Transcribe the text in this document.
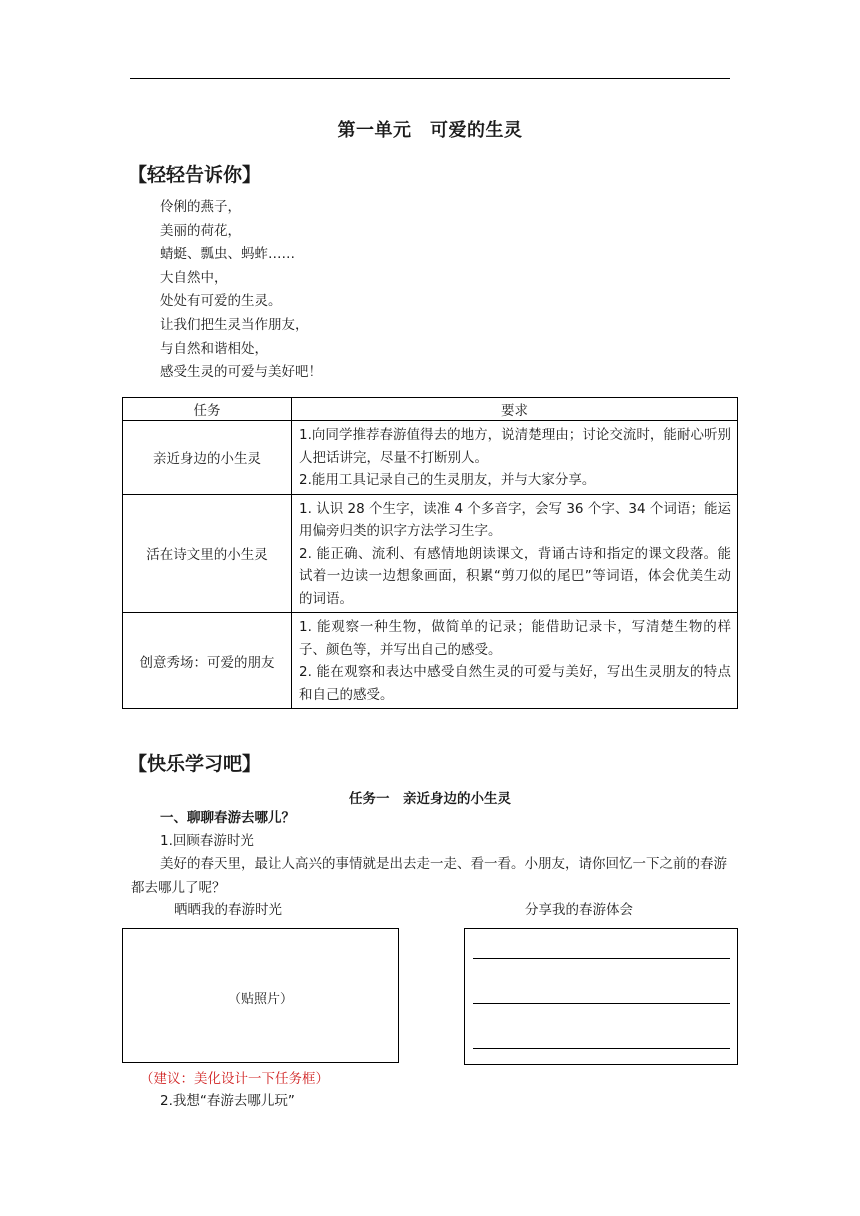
第一单元　可爱的生灵
【轻轻告诉你】
伶俐的燕子，
美丽的荷花，
蜻蜓、瓢虫、蚂蚱……
大自然中，
处处有可爱的生灵。
让我们把生灵当作朋友，
与自然和谐相处，
感受生灵的可爱与美好吧！
任务	要求
亲近身边的小生灵	1.向同学推荐春游值得去的地方，说清楚理由；讨论交流时，能耐心听别人把话讲完，尽量不打断别人。
2.能用工具记录自己的生灵朋友，并与大家分享。

活在诗文里的小生灵	1. 认识 28 个生字，读准 4 个多音字，会写 36 个字、34 个词语；能运用偏旁归类的识字方法学习生字。
2. 能正确、流利、有感情地朗读课文，背诵古诗和指定的课文段落。能试着一边读一边想象画面，积累“剪刀似的尾巴”等词语，体会优美生动的词语。

创意秀场：可爱的朋友	1. 能观察一种生物，做简单的记录；能借助记录卡，写清楚生物的样子、颜色等，并写出自己的感受。
2. 能在观察和表达中感受自然生灵的可爱与美好，写出生灵朋友的特点和自己的感受。
【快乐学习吧】
任务一　亲近身边的小生灵
一、聊聊春游去哪儿？
1.回顾春游时光

美好的春天里，最让人高兴的事情就是出去走一走、看一看。小朋友，请你回忆一下之前的春游都去哪儿了呢？

晒晒我的春游时光	分享我的春游体会
（贴照片）
（建议：美化设计一下任务框）
2.我想“春游去哪儿玩”
